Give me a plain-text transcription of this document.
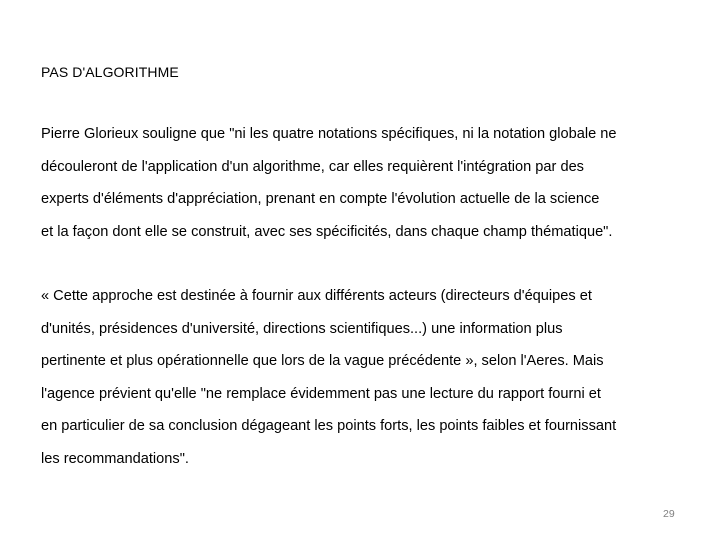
PAS D'ALGORITHME

Pierre Glorieux souligne que "ni les quatre notations spécifiques, ni la notation globale ne
découleront de l'application d'un algorithme, car elles requièrent l'intégration par des
experts d'éléments d'appréciation, prenant en compte l'évolution actuelle de la science
et la façon dont elle se construit, avec ses spécificités, dans chaque champ thématique".

« Cette approche est destinée à fournir aux différents acteurs (directeurs d'équipes et
d'unités, présidences d'université, directions scientifiques...) une information plus
pertinente et plus opérationnelle que lors de la vague précédente », selon l'Aeres. Mais
l'agence prévient qu'elle "ne remplace évidemment pas une lecture du rapport fourni et
en particulier de sa conclusion dégageant les points forts, les points faibles et fournissant
les recommandations".

29
